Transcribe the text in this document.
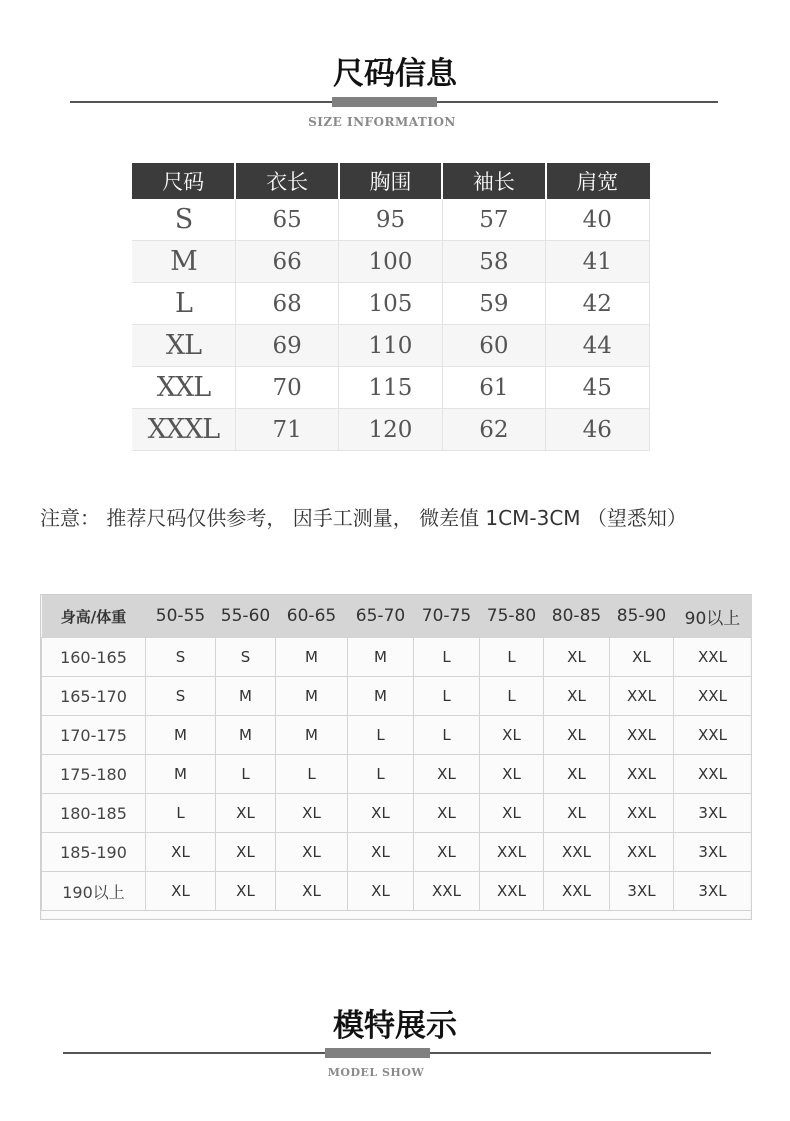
尺码信息
SIZE INFORMATION
尺码	衣长	胸围	袖长	肩宽
S	65	95	57	40
M	66	100	58	41
L	68	105	59	42
XL	69	110	60	44
XXL	70	115	61	45
XXXL	71	120	62	46
注意： 推荐尺码仅供参考， 因手工测量， 微差值 1CM-3CM （望悉知）
身高/体重	50-55	55-60	60-65	65-70	70-75	75-80	80-85	85-90	90以上
160-165	S	S	M	M	L	L	XL	XL	XXL
165-170	S	M	M	M	L	L	XL	XXL	XXL
170-175	M	M	M	L	L	XL	XL	XXL	XXL
175-180	M	L	L	L	XL	XL	XL	XXL	XXL
180-185	L	XL	XL	XL	XL	XL	XL	XXL	3XL
185-190	XL	XL	XL	XL	XL	XXL	XXL	XXL	3XL
190以上	XL	XL	XL	XL	XXL	XXL	XXL	3XL	3XL
模特展示
MODEL SHOW
